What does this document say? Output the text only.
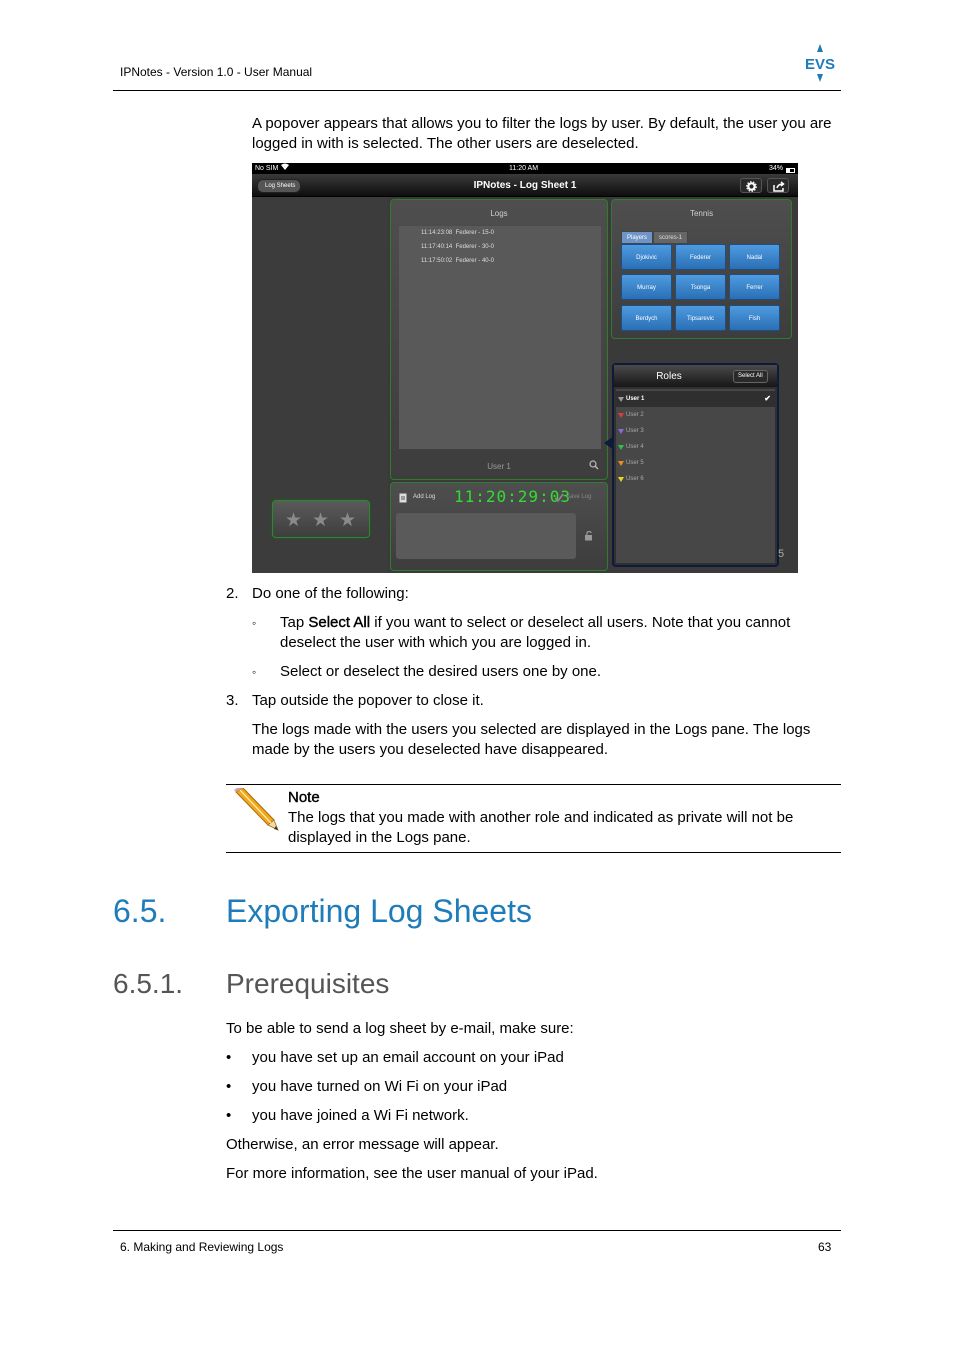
IPNotes - Version 1.0 - User Manual	EVS
A popover appears that allows you to filter the logs by user. By default, the user you are logged in with is selected. The other users are deselected.
No SIM	11:20 AM	34%
Log Sheets	IPNotes - Log Sheet 1
★ ★ ★
Logs
11:14:23:08 Federer - 15-0
11:17:40:14 Federer - 30-0
11:17:50:02 Federer - 40-0
User 1
Add Log 11:20:29:03
Save Log
Tennis
Players scores-1
Djokivic	Federer	Nadal
Murray	Tsonga	Ferrer
Berdych	Tipsarevic	Fish
Roles	Select All
User 1	✔
User 2
User 3
User 4
User 5
User 6
5
2. Do one of the following:
◦ Tap Select All if you want to select or deselect all users. Note that you cannot deselect the user with which you are logged in.
◦ Select or deselect the desired users one by one.
3. Tap outside the popover to close it.
The logs made with the users you selected are displayed in the Logs pane. The logs made by the users you deselected have disappeared.
Note
The logs that you made with another role and indicated as private will not be displayed in the Logs pane.
6.5. Exporting Log Sheets
6.5.1. Prerequisites
To be able to send a log sheet by e-mail, make sure:
• you have set up an email account on your iPad
• you have turned on Wi Fi on your iPad
• you have joined a Wi Fi network.
Otherwise, an error message will appear.
For more information, see the user manual of your iPad.
6. Making and Reviewing Logs	63
